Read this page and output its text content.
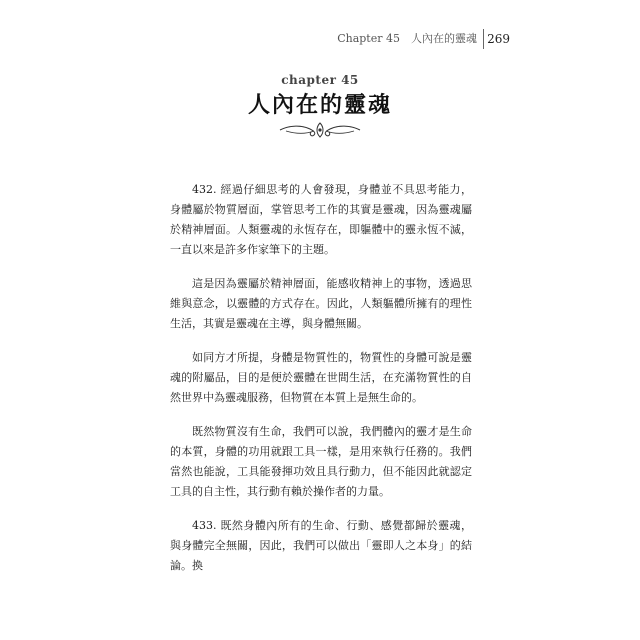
Chapter 45　人內在的靈魂 269
chapter 45
人內在的靈魂

432. 經過仔細思考的人會發現，身體並不具思考能力，身體屬於物質層面，掌管思考工作的其實是靈魂，因為靈魂屬於精神層面。人類靈魂的永恆存在，即軀體中的靈永恆不滅，一直以來是許多作家筆下的主題。

這是因為靈屬於精神層面，能感收精神上的事物，透過思維與意念，以靈體的方式存在。因此，人類軀體所擁有的理性生活，其實是靈魂在主導，與身體無關。

如同方才所提，身體是物質性的，物質性的身體可說是靈魂的附屬品，目的是便於靈體在世間生活，在充滿物質性的自然世界中為靈魂服務，但物質在本質上是無生命的。

既然物質沒有生命，我們可以說，我們體內的靈才是生命的本質，身體的功用就跟工具一樣，是用來執行任務的。我們當然也能說，工具能發揮功效且具行動力，但不能因此就認定工具的自主性，其行動有賴於操作者的力量。

433. 既然身體內所有的生命、行動、感覺都歸於靈魂，與身體完全無關，因此，我們可以做出「靈即人之本身」的結論。換
